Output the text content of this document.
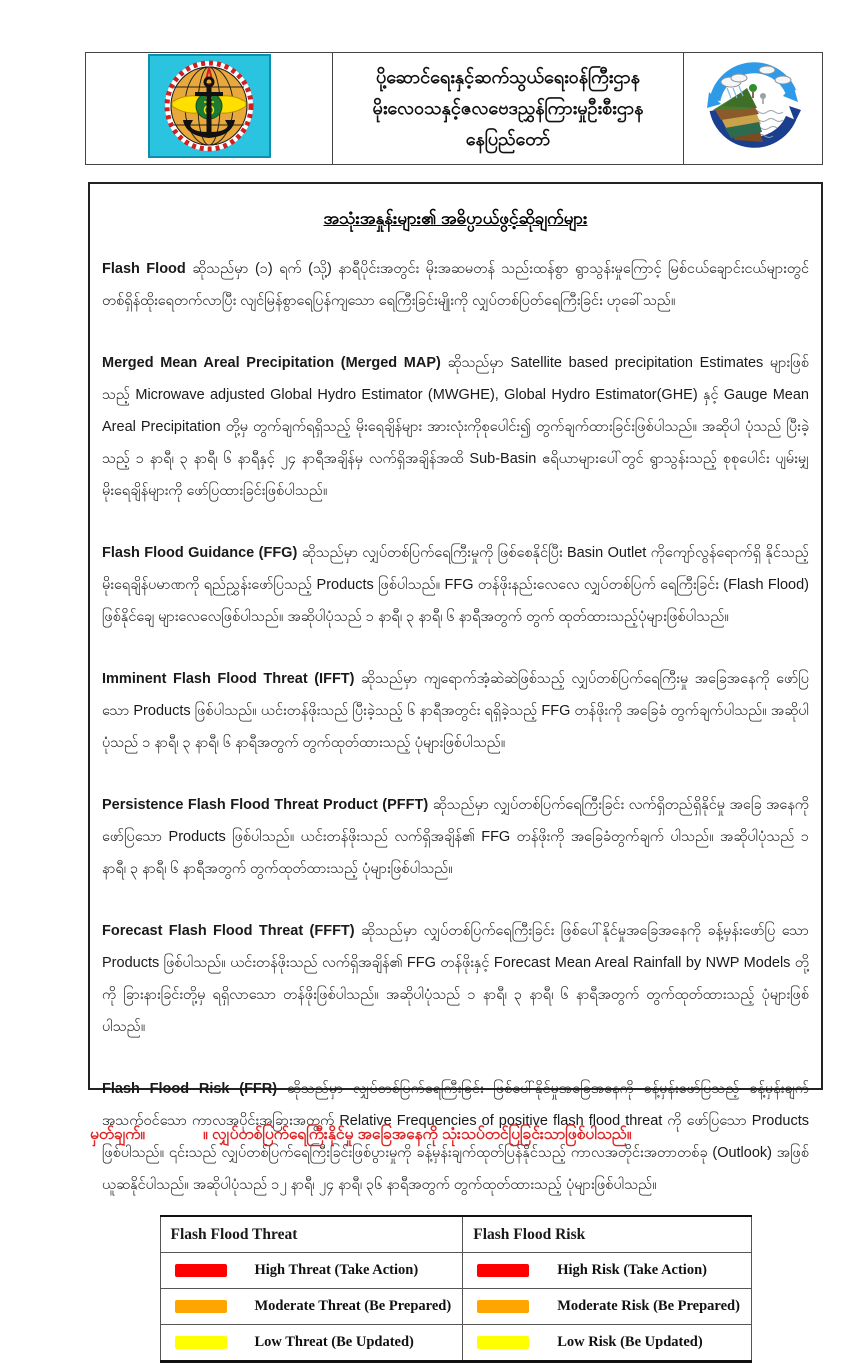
ပို့ဆောင်ရေးနှင့်ဆက်သွယ်ရေးဝန်ကြီးဌာန
မိုးလေဝသနှင့်ဇလဗေဒညွှန်ကြားမှုဦးစီးဌာန
နေပြည်တော်
အသုံးအနှုန်းများ၏ အဓိပ္ပာယ်ဖွင့်ဆိုချက်များ

Flash Flood ဆိုသည်မှာ (၁) ရက် (သို့) နာရီပိုင်းအတွင်း မိုးအဆမတန် သည်းထန်စွာ ရွာသွန်းမှုကြောင့် မြစ်ငယ်ချောင်းငယ်များတွင် တစ်ရှိန်ထိုးရေတက်လာပြီး လျင်မြန်စွာရေပြန်ကျသော ရေကြီးခြင်းမျိုးကို လျှပ်တစ်ပြတ်ရေကြီးခြင်း ဟုခေါ်သည်။

Merged Mean Areal Precipitation (Merged MAP) ဆိုသည်မှာ Satellite based precipitation Estimates များဖြစ် သည့် Microwave adjusted Global Hydro Estimator (MWGHE), Global Hydro Estimator(GHE) နှင့် Gauge Mean Areal Precipitation တို့မှ တွက်ချက်ရရှိသည့် မိုးရေချိန်များ အားလုံးကိုစုပေါင်း၍ တွက်ချက်ထားခြင်းဖြစ်ပါသည်။ အဆိုပါ ပုံသည် ပြီးခဲ့သည့် ၁ နာရီ၊ ၃ နာရီ၊ ၆ နာရီနှင့် ၂၄ နာရီအချိန်မှ လက်ရှိအချိန်အထိ Sub-Basin ဧရိယာများပေါ်တွင် ရွာသွန်းသည့် စုစုပေါင်း ပျမ်းမျှ မိုးရေချိန်များကို ဖော်ပြထားခြင်းဖြစ်ပါသည်။

Flash Flood Guidance (FFG) ဆိုသည်မှာ လျှပ်တစ်ပြက်ရေကြီးမှုကို ဖြစ်စေနိုင်ပြီး Basin Outlet ကိုကျော်လွန်ရောက်ရှိ နိုင်သည့် မိုးရေချိန်ပမာဏကို ရည်ညွှန်းဖော်ပြသည့် Products ဖြစ်ပါသည်။ FFG တန်ဖိုးနည်းလေလေ လျှပ်တစ်ပြက် ရေကြီးခြင်း (Flash Flood) ဖြစ်နိုင်ချေ များလေလေဖြစ်ပါသည်။ အဆိုပါပုံသည် ၁ နာရီ၊ ၃ နာရီ၊ ၆ နာရီအတွက် တွက် ထုတ်ထားသည့်ပုံများဖြစ်ပါသည်။

Imminent Flash Flood Threat (IFFT) ဆိုသည်မှာ ကျရောက်အံ့ဆဲဆဲဖြစ်သည့် လျှပ်တစ်ပြက်ရေကြီးမှု အခြေအနေကို ဖော်ပြသော Products ဖြစ်ပါသည်။ ယင်းတန်ဖိုးသည် ပြီးခဲ့သည့် ၆ နာရီအတွင်း ရရှိခဲ့သည့် FFG တန်ဖိုးကို အခြေခံ တွက်ချက်ပါသည်။ အဆိုပါပုံသည် ၁ နာရီ၊ ၃ နာရီ၊ ၆ နာရီအတွက် တွက်ထုတ်ထားသည့် ပုံများဖြစ်ပါသည်။

Persistence Flash Flood Threat Product (PFFT) ဆိုသည်မှာ လျှပ်တစ်ပြက်ရေကြီးခြင်း လက်ရှိတည်ရှိနိုင်မှု အခြေ အနေကို ဖော်ပြသော Products ဖြစ်ပါသည်။ ယင်းတန်ဖိုးသည် လက်ရှိအချိန်၏ FFG တန်ဖိုးကို အခြေခံတွက်ချက် ပါသည်။ အဆိုပါပုံသည် ၁ နာရီ၊ ၃ နာရီ၊ ၆ နာရီအတွက် တွက်ထုတ်ထားသည့် ပုံများဖြစ်ပါသည်။

Forecast Flash Flood Threat (FFFT) ဆိုသည်မှာ လျှပ်တစ်ပြက်ရေကြီးခြင်း ဖြစ်ပေါ်နိုင်မှုအခြေအနေကို ခန့်မှန်းဖော်ပြ သော Products ဖြစ်ပါသည်။ ယင်းတန်ဖိုးသည် လက်ရှိအချိန်၏ FFG တန်ဖိုးနှင့် Forecast Mean Areal Rainfall by NWP Models တို့ကို ခြားနားခြင်းတို့မှ ရရှိလာသော တန်ဖိုးဖြစ်ပါသည်။ အဆိုပါပုံသည် ၁ နာရီ၊ ၃ နာရီ၊ ၆ နာရီအတွက် တွက်ထုတ်ထားသည့် ပုံများဖြစ်ပါသည်။

Flash Flood Risk (FFR) ဆိုသည်မှာ လျှပ်တစ်ပြက်ရေကြီးခြင်း ဖြစ်ပေါ်နိုင်မှုအခြေအနေကို ခန့်မှန်းဖော်ပြသည့် ခန့်မှန်းချက် အသက်ဝင်သော ကာလအပိုင်းအခြားအတွက် Relative Frequencies of positive flash flood threat ကို ဖော်ပြသော Products ဖြစ်ပါသည်။ ၎င်းသည် လျှပ်တစ်ပြက်ရေကြီးခြင်းဖြစ်ပွားမှုကို ခန့်မှန်းချက်ထုတ်ပြန်နိုင်သည့် ကာလအတိုင်းအတာတစ်ခု (Outlook) အဖြစ် ယူဆနိုင်ပါသည်။ အဆိုပါပုံသည် ၁၂ နာရီ၊ ၂၄ နာရီ၊ ၃၆ နာရီအတွက် တွက်ထုတ်ထားသည့် ပုံများဖြစ်ပါသည်။

Flash Flood Threat	Flash Flood Risk

High Threat (Take Action)	High Risk (Take Action)

Moderate Threat (Be Prepared)	Moderate Risk (Be Prepared)

Low Threat (Be Updated)	Low Risk (Be Updated)
မှတ်ချက်။	။ လျှပ်တစ်ပြက်ရေကြီးနိုင်မှု အခြေအနေကို သုံးသပ်တင်ပြခြင်းသာဖြစ်ပါသည်။
